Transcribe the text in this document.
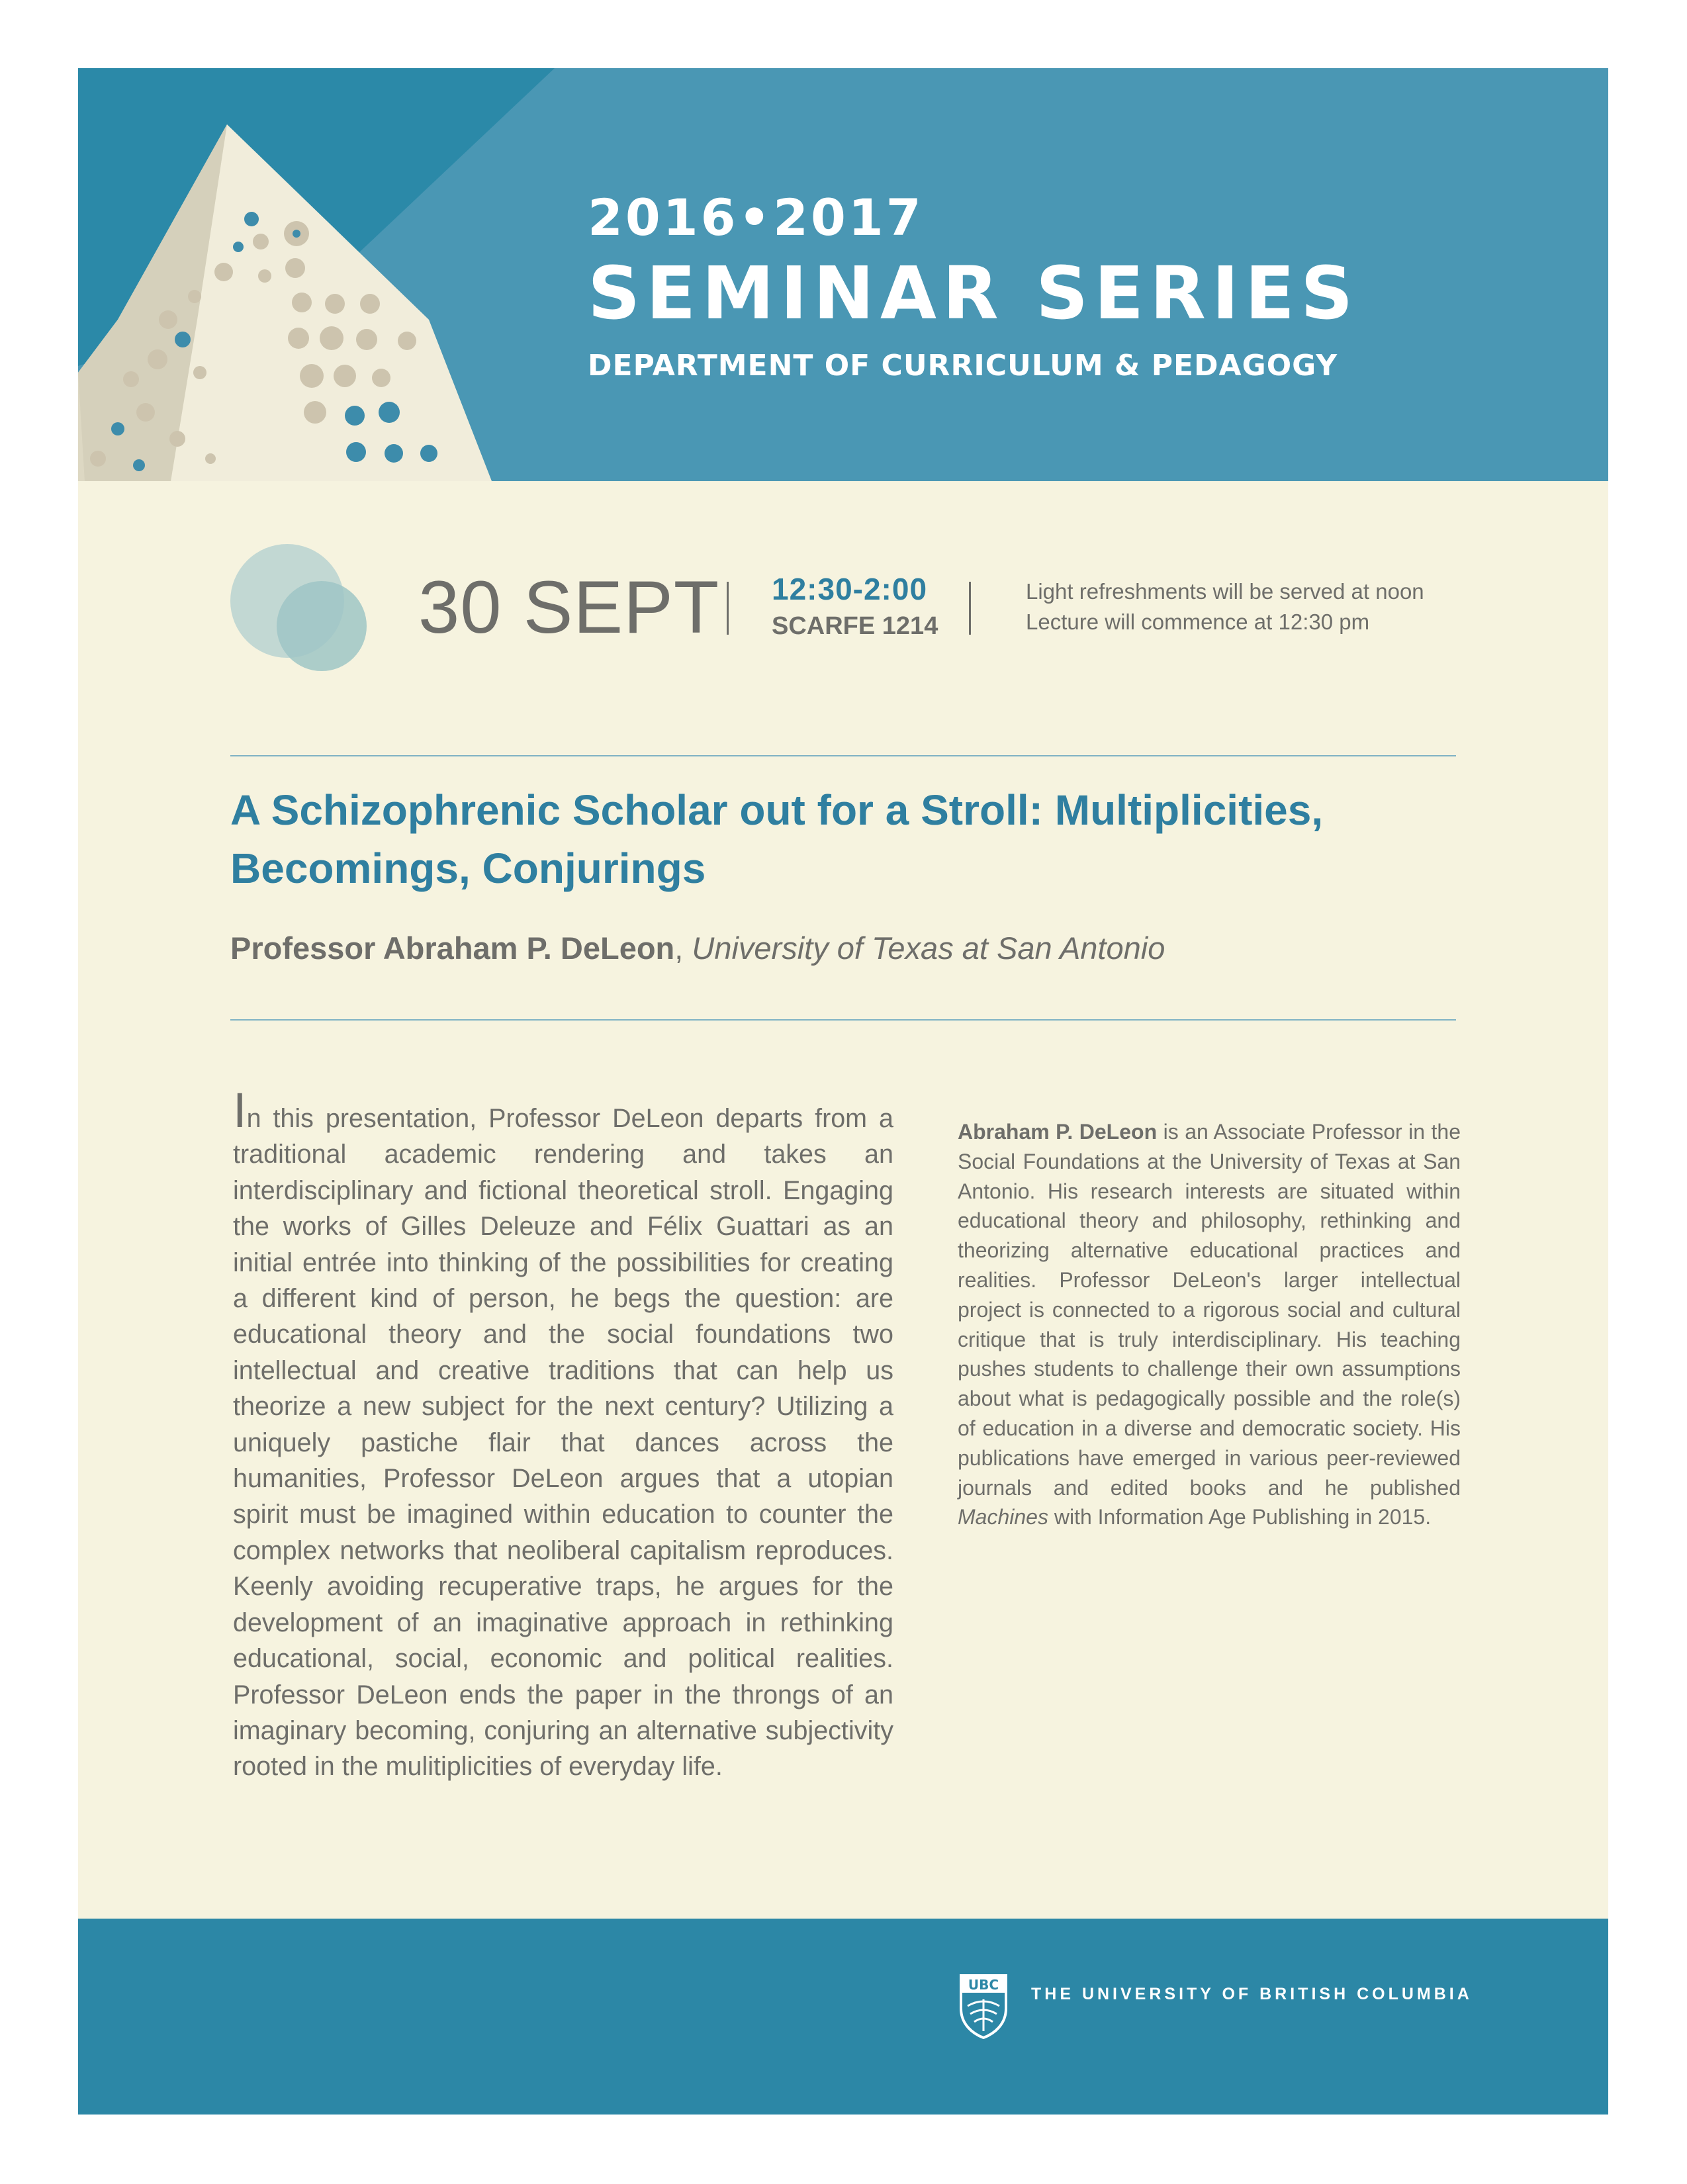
2016•2017
SEMINAR SERIES
DEPARTMENT OF CURRICULUM & PEDAGOGY
30 SEPT 12:30-2:00
SCARFE 1214
Light refreshments will be served at noon
Lecture will commence at 12:30 pm
A Schizophrenic Scholar out for a Stroll: Multiplicities,
Becomings, Conjurings
Professor Abraham P. DeLeon, University of Texas at San Antonio
In this presentation, Professor DeLeon departs from a traditional academic rendering and takes an interdisciplinary and fictional theoretical stroll. Engaging the works of Gilles Deleuze and Félix Guattari as an initial entrée into thinking of the possibilities for creating a different kind of person, he begs the question: are educational theory and the social foundations two intellectual and creative traditions that can help us theorize a new subject for the next century? Utilizing a uniquely pastiche flair that dances across the humanities, Professor DeLeon argues that a utopian spirit must be imagined within education to counter the complex networks that neoliberal capitalism reproduces. Keenly avoiding recuperative traps, he argues for the development of an imaginative approach in rethinking educational, social, economic and political realities. Professor DeLeon ends the paper in the throngs of an imaginary becoming, conjuring an alternative subjectivity rooted in the mulitiplicities of everyday life.
Abraham P. DeLeon is an Associate Professor in the Social Foundations at the University of Texas at San Antonio. His research interests are situated within educational theory and philosophy, rethinking and theorizing alternative educational practices and realities. Professor DeLeon's larger intellectual project is connected to a rigorous social and cultural critique that is truly interdisciplinary. His teaching pushes students to challenge their own assumptions about what is pedagogically possible and the role(s) of education in a diverse and democratic society. His publications have emerged in various peer-reviewed journals and edited books and he published Machines with Information Age Publishing in 2015.
UBC THE UNIVERSITY OF BRITISH COLUMBIA
